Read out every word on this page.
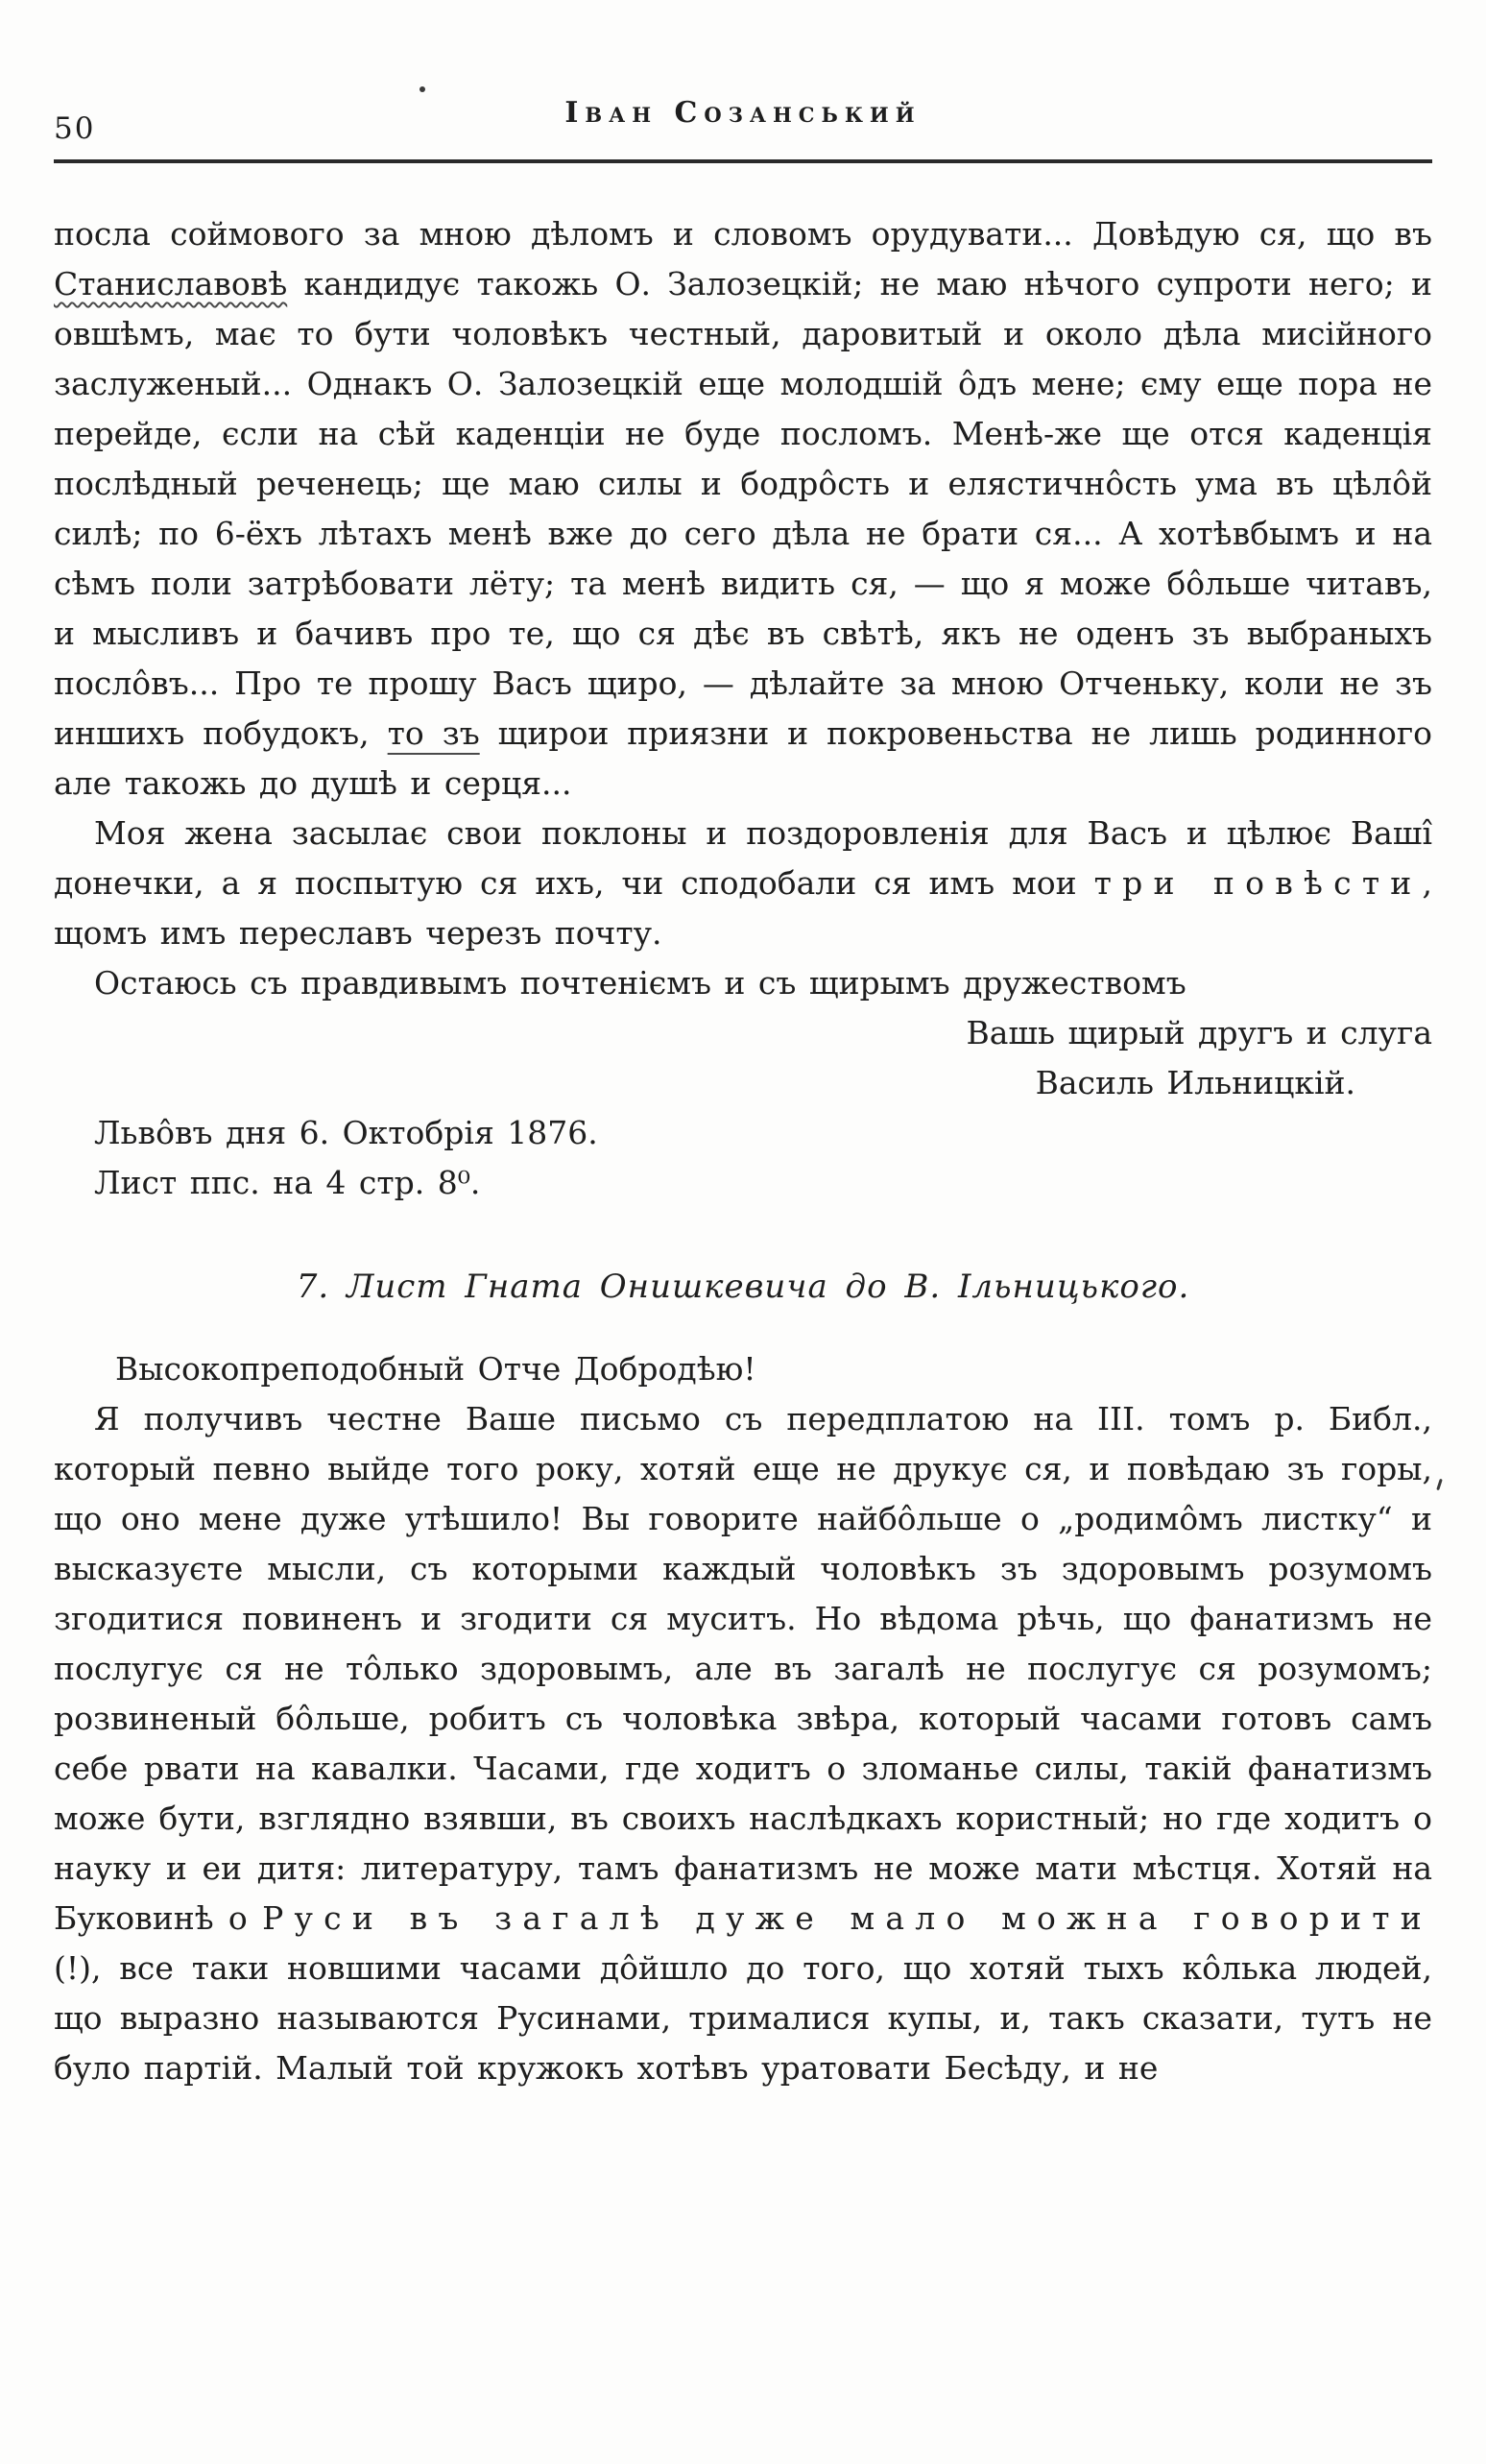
50	Іван Созанський

посла соймового за мною дѣломъ и словомъ орудувати... Довѣдую ся, що въ Станиславовѣ кандидує такожь О. Залозецкій; не маю нѣчого супроти него; и овшѣмъ, має то бути чоловѣкъ честный, даровитый и около дѣла мисійного заслуженый... Однакъ О. Залозецкій еще молодшій ôдъ мене; єму еще пора не перейде, єсли на сѣй каденціи не буде посломъ. Менѣ-же ще отся каденція послѣдный реченець; ще маю силы и бодрôсть и елястичнôсть ума въ цѣлôй силѣ; по 6-ёхъ лѣтахъ менѣ вже до сего дѣла не брати ся... А хотѣвбымъ и на сѣмъ поли затрѣбовати лёту; та менѣ видить ся, — що я може бôльше читавъ, и мысливъ и бачивъ про те, що ся дѣє въ свѣтѣ, якъ не оденъ зъ выбраныхъ послôвъ... Про те прошу Васъ щиро, — дѣлайте за мною Отченьку, коли не зъ иншихъ побудокъ, то зъ щирои приязни и покровеньства не лишь родинного але такожь до душѣ и серця...

Моя жена засылає свои поклоны и поздоровленія для Васъ и цѣлює Вашî донечки, а я поспытую ся ихъ, чи сподобали ся имъ мои три повѣсти, щомъ имъ переславъ черезъ почту.

Остаюсь съ правдивымъ почтеніємъ и съ щирымъ дружествомъ

Вашь щирый другъ и слуга

Василь Ильницкій.

Львôвъ дня 6. Октобрія 1876.

Лист ппс. на 4 стр. 8⁰.

7. Лист Гната Онишкевича до В. Ільницького.

Высокопреподобный Отче Добродѣю!

Я получивъ честне Ваше письмо съ передплатою на III. томъ р. Библ., который певно выйде того року, хотяй еще не друкує ся, и повѣдаю зъ горы, що оно мене дуже утѣшило! Вы говорите найбôльше о „родимôмъ листку“ и высказуєте мысли, съ которыми каждый чоловѣкъ зъ здоровымъ розумомъ згодитися повиненъ и згодити ся муситъ. Но вѣдома рѣчь, що фанатизмъ не послугує ся не тôлько здоровымъ, але въ загалѣ не послугує ся розумомъ; розвиненый бôльше, робитъ съ чоловѣка звѣра, который часами готовъ самъ себе рвати на кавалки. Часами, где ходитъ о зломанье силы, такій фанатизмъ може бути, взглядно взявши, въ своихъ наслѣдкахъ користный; но где ходитъ о науку и еи дитя: литературу, тамъ фанатизмъ не може мати мѣстця. Хотяй на Буковинѣ о Руси въ загалѣ дуже мало можна говорити (!), все таки новшими часами дôйшло до того, що хотяй тыхъ кôлька людей, що выразно называются Русинами, трималися купы, и, такъ сказати, тутъ не було партій. Малый той кружокъ хотѣвъ уратовати Бесѣду, и не
